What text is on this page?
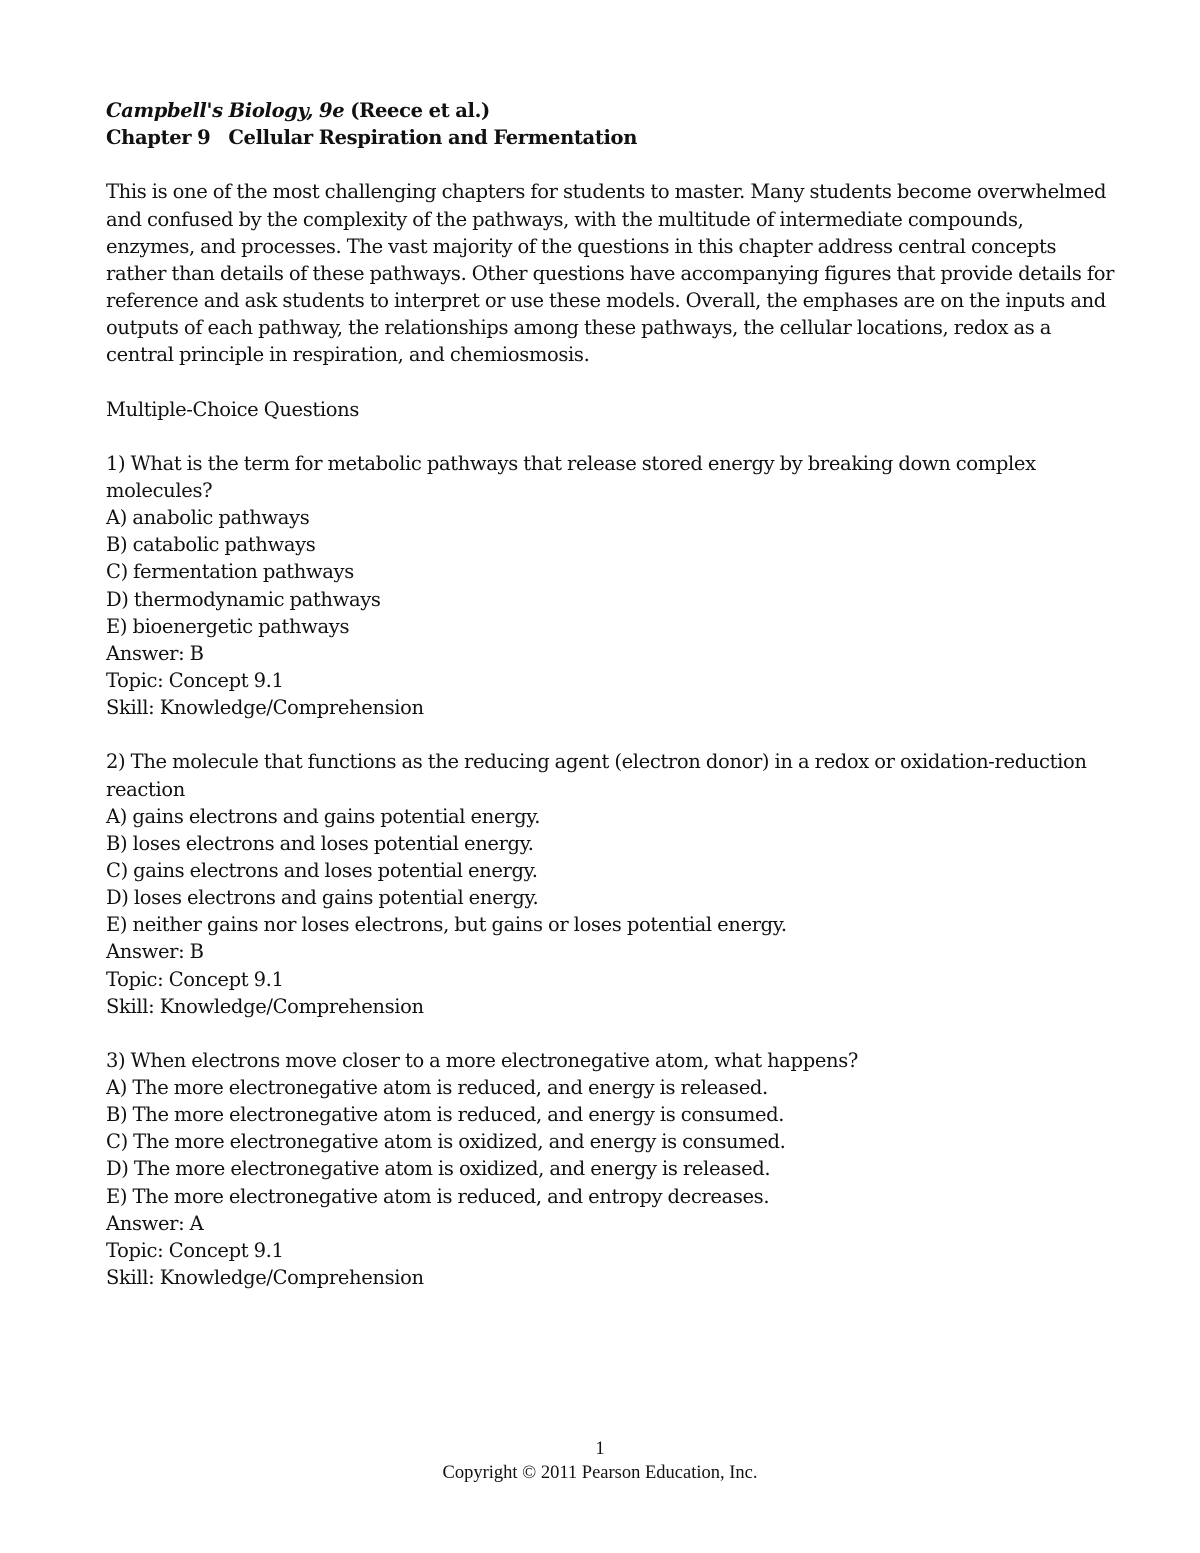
Campbell's Biology, 9e (Reece et al.)
Chapter 9 Cellular Respiration and Fermentation
This is one of the most challenging chapters for students to master. Many students become overwhelmed
and confused by the complexity of the pathways, with the multitude of intermediate compounds,
enzymes, and processes. The vast majority of the questions in this chapter address central concepts
rather than details of these pathways. Other questions have accompanying figures that provide details for
reference and ask students to interpret or use these models. Overall, the emphases are on the inputs and
outputs of each pathway, the relationships among these pathways, the cellular locations, redox as a
central principle in respiration, and chemiosmosis.
Multiple-Choice Questions
1) What is the term for metabolic pathways that release stored energy by breaking down complex
molecules?
A) anabolic pathways
B) catabolic pathways
C) fermentation pathways
D) thermodynamic pathways
E) bioenergetic pathways
Answer: B
Topic: Concept 9.1
Skill: Knowledge/Comprehension
2) The molecule that functions as the reducing agent (electron donor) in a redox or oxidation-reduction
reaction
A) gains electrons and gains potential energy.
B) loses electrons and loses potential energy.
C) gains electrons and loses potential energy.
D) loses electrons and gains potential energy.
E) neither gains nor loses electrons, but gains or loses potential energy.
Answer: B
Topic: Concept 9.1
Skill: Knowledge/Comprehension
3) When electrons move closer to a more electronegative atom, what happens?
A) The more electronegative atom is reduced, and energy is released.
B) The more electronegative atom is reduced, and energy is consumed.
C) The more electronegative atom is oxidized, and energy is consumed.
D) The more electronegative atom is oxidized, and energy is released.
E) The more electronegative atom is reduced, and entropy decreases.
Answer: A
Topic: Concept 9.1
Skill: Knowledge/Comprehension
1
Copyright © 2011 Pearson Education, Inc.
